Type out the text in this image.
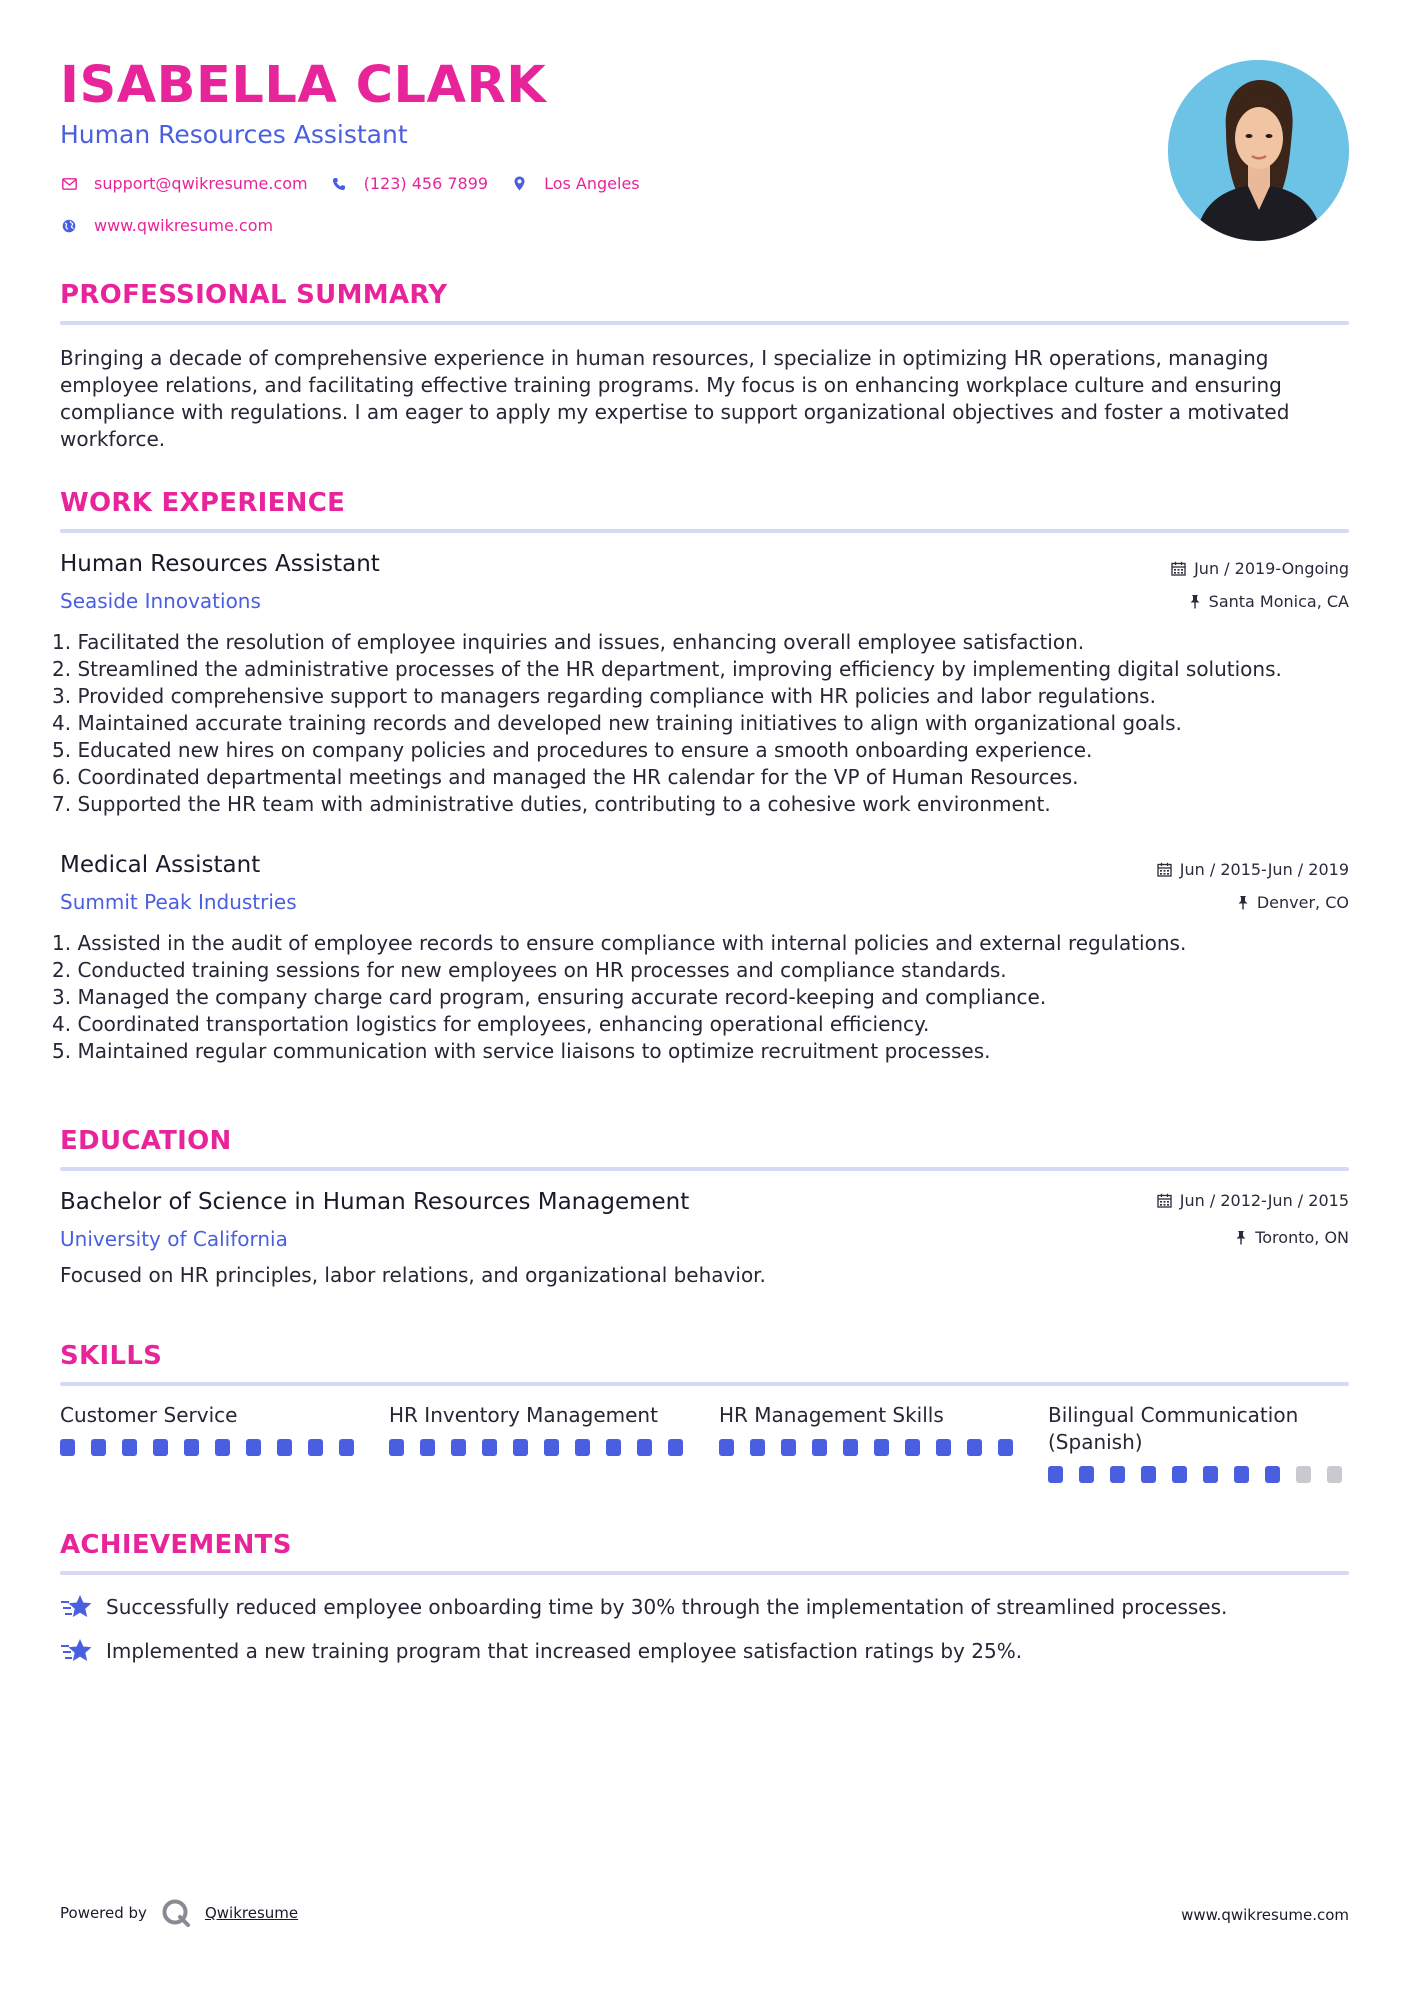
ISABELLA CLARK
Human Resources Assistant
support@qwikresume.com	(123) 456 7899	Los Angeles
www.qwikresume.com
PROFESSIONAL SUMMARY
Bringing a decade of comprehensive experience in human resources, I specialize in optimizing HR operations, managing employee relations, and facilitating effective training programs. My focus is on enhancing workplace culture and ensuring compliance with regulations. I am eager to apply my expertise to support organizational objectives and foster a motivated workforce.
WORK EXPERIENCE
Human Resources Assistant
Seaside Innovations
Jun / 2019-Ongoing
Santa Monica, CA
1. Facilitated the resolution of employee inquiries and issues, enhancing overall employee satisfaction.
2. Streamlined the administrative processes of the HR department, improving efficiency by implementing digital solutions.
3. Provided comprehensive support to managers regarding compliance with HR policies and labor regulations.
4. Maintained accurate training records and developed new training initiatives to align with organizational goals.
5. Educated new hires on company policies and procedures to ensure a smooth onboarding experience.
6. Coordinated departmental meetings and managed the HR calendar for the VP of Human Resources.
7. Supported the HR team with administrative duties, contributing to a cohesive work environment.
Medical Assistant
Summit Peak Industries
Jun / 2015-Jun / 2019
Denver, CO
1. Assisted in the audit of employee records to ensure compliance with internal policies and external regulations.
2. Conducted training sessions for new employees on HR processes and compliance standards.
3. Managed the company charge card program, ensuring accurate record-keeping and compliance.
4. Coordinated transportation logistics for employees, enhancing operational efficiency.
5. Maintained regular communication with service liaisons to optimize recruitment processes.
EDUCATION
Bachelor of Science in Human Resources Management
University of California
Jun / 2012-Jun / 2015
Toronto, ON
Focused on HR principles, labor relations, and organizational behavior.
SKILLS
Customer Service	HR Inventory Management	HR Management Skills	Bilingual Communication (Spanish)
ACHIEVEMENTS
Successfully reduced employee onboarding time by 30% through the implementation of streamlined processes.
Implemented a new training program that increased employee satisfaction ratings by 25%.
Powered by	Qwikresume	www.qwikresume.com
